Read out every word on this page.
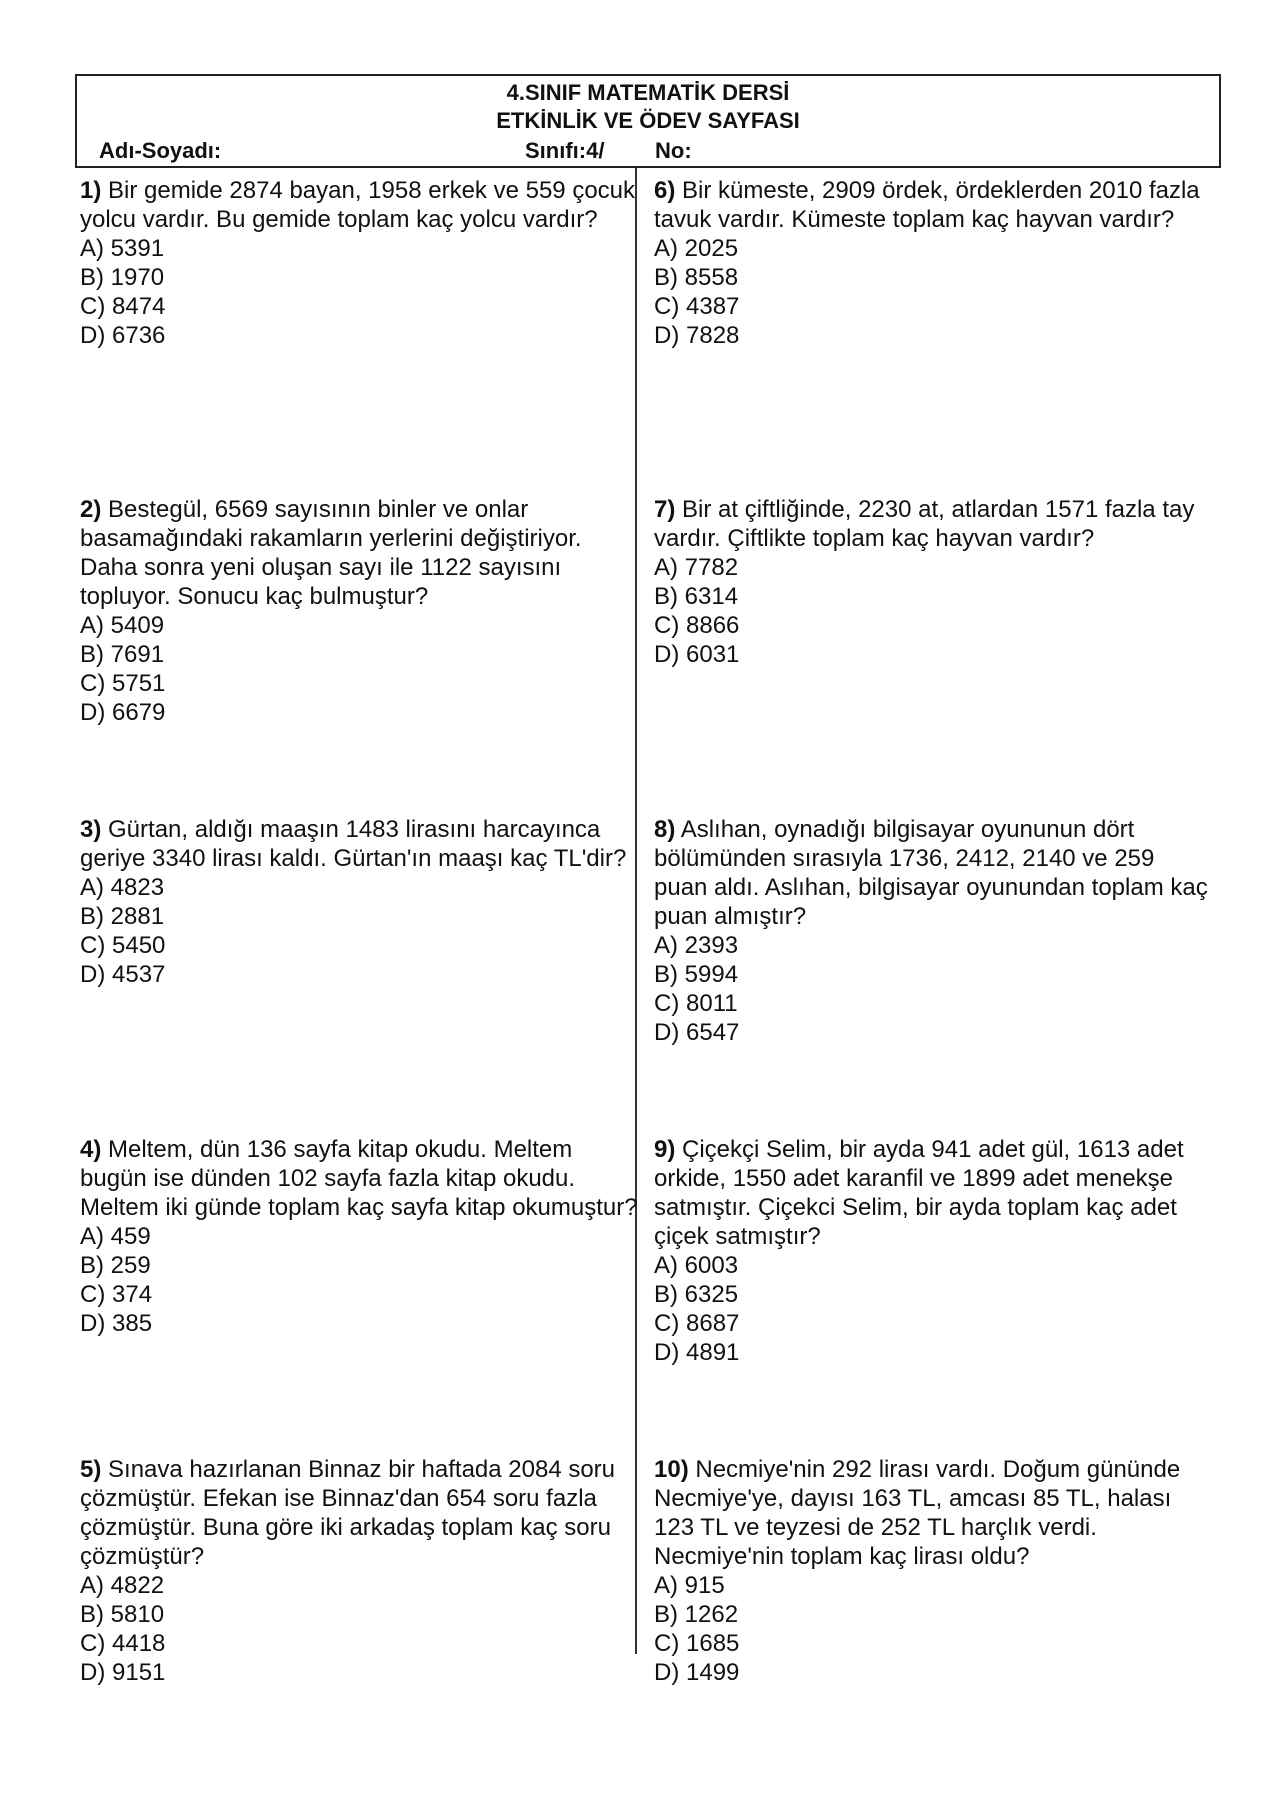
4.SINIF MATEMATİK DERSİ
ETKİNLİK VE ÖDEV SAYFASI
Adı-Soyadı:	Sınıfı:4/ No:
1) Bir gemide 2874 bayan, 1958 erkek ve 559 çocuk yolcu vardır. Bu gemide toplam kaç yolcu vardır?
A) 5391
B) 1970
C) 8474
D) 6736
2) Bestegül, 6569 sayısının binler ve onlar basamağındaki rakamların yerlerini değiştiriyor. Daha sonra yeni oluşan sayı ile 1122 sayısını topluyor. Sonucu kaç bulmuştur?
A) 5409
B) 7691
C) 5751
D) 6679
3) Gürtan, aldığı maaşın 1483 lirasını harcayınca geriye 3340 lirası kaldı. Gürtan'ın maaşı kaç TL'dir?
A) 4823
B) 2881
C) 5450
D) 4537
4) Meltem, dün 136 sayfa kitap okudu. Meltem bugün ise dünden 102 sayfa fazla kitap okudu. Meltem iki günde toplam kaç sayfa kitap okumuştur?
A) 459
B) 259
C) 374
D) 385
5) Sınava hazırlanan Binnaz bir haftada 2084 soru çözmüştür. Efekan ise Binnaz'dan 654 soru fazla çözmüştür. Buna göre iki arkadaş toplam kaç soru çözmüştür?
A) 4822
B) 5810
C) 4418
D) 9151
6) Bir kümeste, 2909 ördek, ördeklerden 2010 fazla tavuk vardır. Kümeste toplam kaç hayvan vardır?
A) 2025
B) 8558
C) 4387
D) 7828
7) Bir at çiftliğinde, 2230 at, atlardan 1571 fazla tay vardır. Çiftlikte toplam kaç hayvan vardır?
A) 7782
B) 6314
C) 8866
D) 6031
8) Aslıhan, oynadığı bilgisayar oyununun dört bölümünden sırasıyla 1736, 2412, 2140 ve 259 puan aldı. Aslıhan, bilgisayar oyunundan toplam kaç puan almıştır?
A) 2393
B) 5994
C) 8011
D) 6547
9) Çiçekçi Selim, bir ayda 941 adet gül, 1613 adet orkide, 1550 adet karanfil ve 1899 adet menekşe satmıştır. Çiçekci Selim, bir ayda toplam kaç adet çiçek satmıştır?
A) 6003
B) 6325
C) 8687
D) 4891
10) Necmiye'nin 292 lirası vardı. Doğum gününde Necmiye'ye, dayısı 163 TL, amcası 85 TL, halası 123 TL ve teyzesi de 252 TL harçlık verdi. Necmiye'nin toplam kaç lirası oldu?
A) 915
B) 1262
C) 1685
D) 1499
